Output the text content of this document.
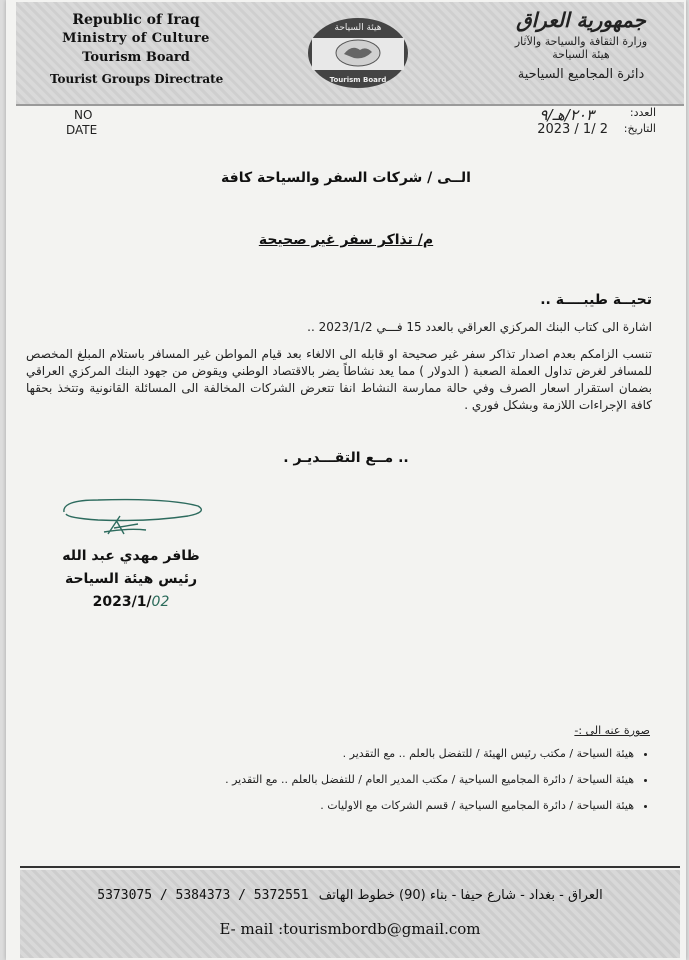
Republic of Iraq
Ministry of Culture
Tourism Board
Tourist Groups Directrate
هيئة السياحة
Tourism Board
جمهورية العراق
وزارة الثقافة والسياحة والآثار
هيئة السياحة
دائرة المجاميع السياحية
NO
DATE
العدد:
٢٠٣/هـ/٩
التاريخ:
2023 / 1/ 2
الــى / شركات السفر والسياحة كافة
م/ تذاكر سفر غير صحيحة
تحيــة طيبــــة ..
اشارة الى كتاب البنك المركزي العراقي بالعدد 15 فـــي 2023/1/2 ..
تنسب الزامكم بعدم اصدار تذاكر سفر غير صحيحة او قابله الى الالغاء بعد قيام المواطن غير المسافر باستلام المبلغ المخصص للمسافر لغرض تداول العملة الصعبة ( الدولار ) مما يعد نشاطاً يضر بالاقتصاد الوطني ويقوض من جهود البنك المركزي العراقي بضمان استقرار اسعار الصرف وفي حالة ممارسة النشاط انفا تتعرض الشركات المخالفة الى المسائلة القانونية وتتخذ بحقها كافة الإجراءات اللازمة وبشكل فوري .
.. مــع التقـــديـر .
ظافر مهدي عبد الله
رئيس هيئة السياحة
2023/1/02
صورة عنه الى :-
• هيئة السياحة / مكتب رئيس الهيئة / للتفضل بالعلم .. مع التقدير .
• هيئة السياحة / دائرة المجاميع السياحية / مكتب المدير العام / للتفضل بالعلم .. مع التقدير .
• هيئة السياحة / دائرة المجاميع السياحية / قسم الشركات مع الاوليات .
5373075 / 5384373 / 5372551 العراق - بغداد - شارع حيفا - بناء (90) خطوط الهاتف
E- mail :tourismbordb@gmail.com
